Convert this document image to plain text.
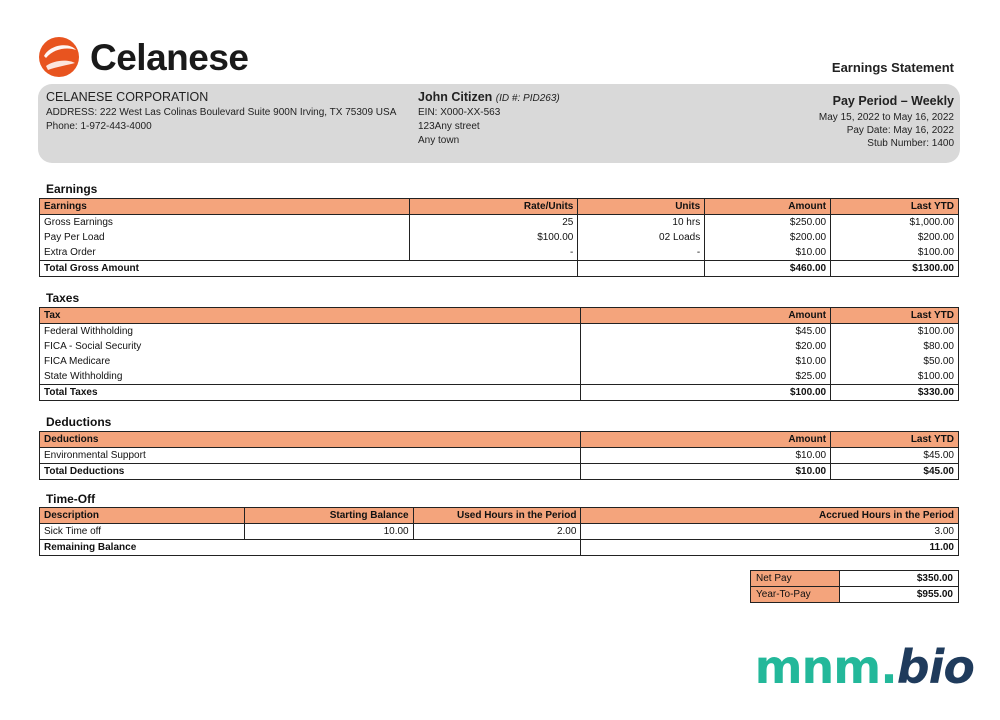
Celanese	Earnings Statement
CELANESE CORPORATION
ADDRESS: 222 West Las Colinas Boulevard Suite 900N Irving, TX 75309 USA
Phone: 1-972-443-4000
John Citizen (ID #: PID263)
EIN: X000-XX-563
123Any street
Any town
Pay Period – Weekly
May 15, 2022 to May 16, 2022
Pay Date: May 16, 2022
Stub Number: 1400
Earnings
Earnings	Rate/Units	Units	Amount	Last YTD
Gross Earnings	25	10 hrs	$250.00	$1,000.00
Pay Per Load	$100.00	02 Loads	$200.00	$200.00
Extra Order	-	-	$10.00	$100.00
Total Gross Amount			$460.00	$1300.00
Taxes
Tax	Amount	Last YTD
Federal Withholding	$45.00	$100.00
FICA - Social Security	$20.00	$80.00
FICA Medicare	$10.00	$50.00
State Withholding	$25.00	$100.00
Total Taxes	$100.00	$330.00
Deductions
Deductions	Amount	Last YTD
Environmental Support	$10.00	$45.00
Total Deductions	$10.00	$45.00
Time-Off
Description	Starting Balance	Used Hours in the Period	Accrued Hours in the Period
Sick Time off	10.00	2.00	3.00
Remaining Balance			11.00
Net Pay	$350.00
Year-To-Pay	$955.00
mnm.bio
